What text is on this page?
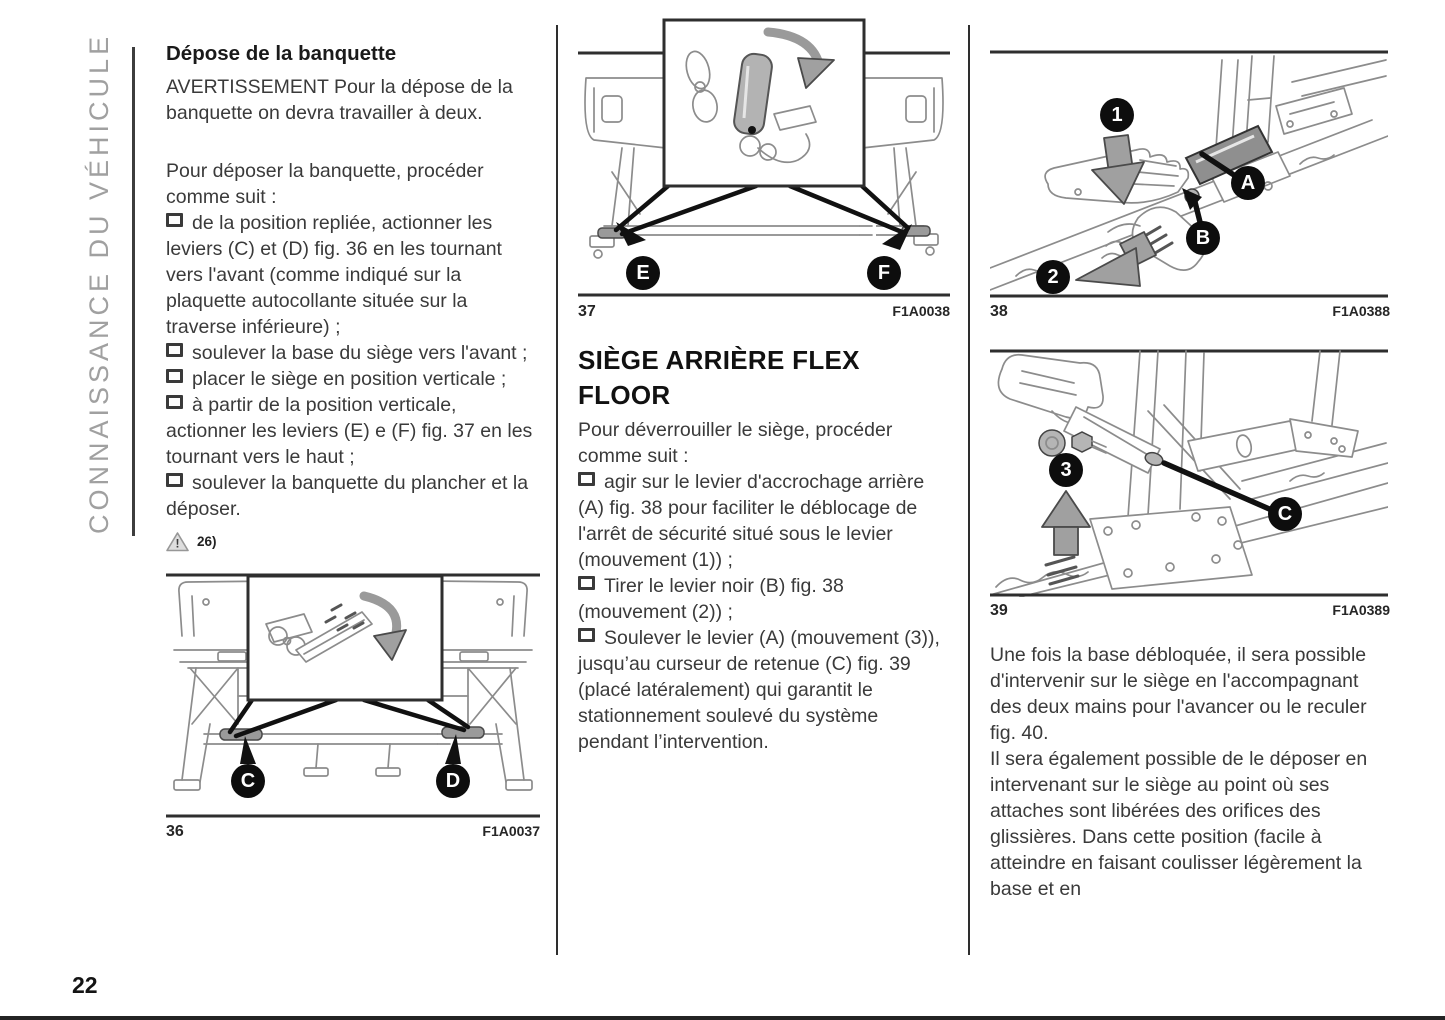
CONNAISSANCE DU VÉHICULE
22
Dépose de la banquette

AVERTISSEMENT Pour la dépose de la banquette on devra travailler à deux.

Pour déposer la banquette, procéder comme suit :

de la position repliée, actionner les leviers (C) et (D) fig. 36 en les tournant vers l'avant (comme indiqué sur la plaquette autocollante située sur la traverse inférieure) ;

soulever la base du siège vers l'avant ;

placer le siège en position verticale ;

à partir de la position verticale, actionner les leviers (E) e (F) fig. 37 en les tournant vers le haut ;

soulever la banquette du plancher et la déposer.

! 26)
C	D
36	F1A0037
E	F
37	F1A0038
SIÈGE ARRIÈRE FLEX FLOOR

Pour déverrouiller le siège, procéder comme suit :

agir sur le levier d'accrochage arrière (A) fig. 38 pour faciliter le déblocage de l'arrêt de sécurité situé sous le levier (mouvement (1)) ;

Tirer le levier noir (B) fig. 38 (mouvement (2)) ;

Soulever le levier (A) (mouvement (3)), jusqu’au curseur de retenue (C) fig. 39 (placé latéralement) qui garantit le stationnement soulevé du système pendant l’intervention.

1
A
B
2
38	F1A0388
3
C
39	F1A0389

Une fois la base débloquée, il sera possible d'intervenir sur le siège en l'accompagnant des deux mains pour l'avancer ou le reculer fig. 40.

Il sera également possible de le déposer en intervenant sur le siège au point où ses attaches sont libérées des orifices des glissières. Dans cette position (facile à atteindre en faisant coulisser légèrement la base et en
